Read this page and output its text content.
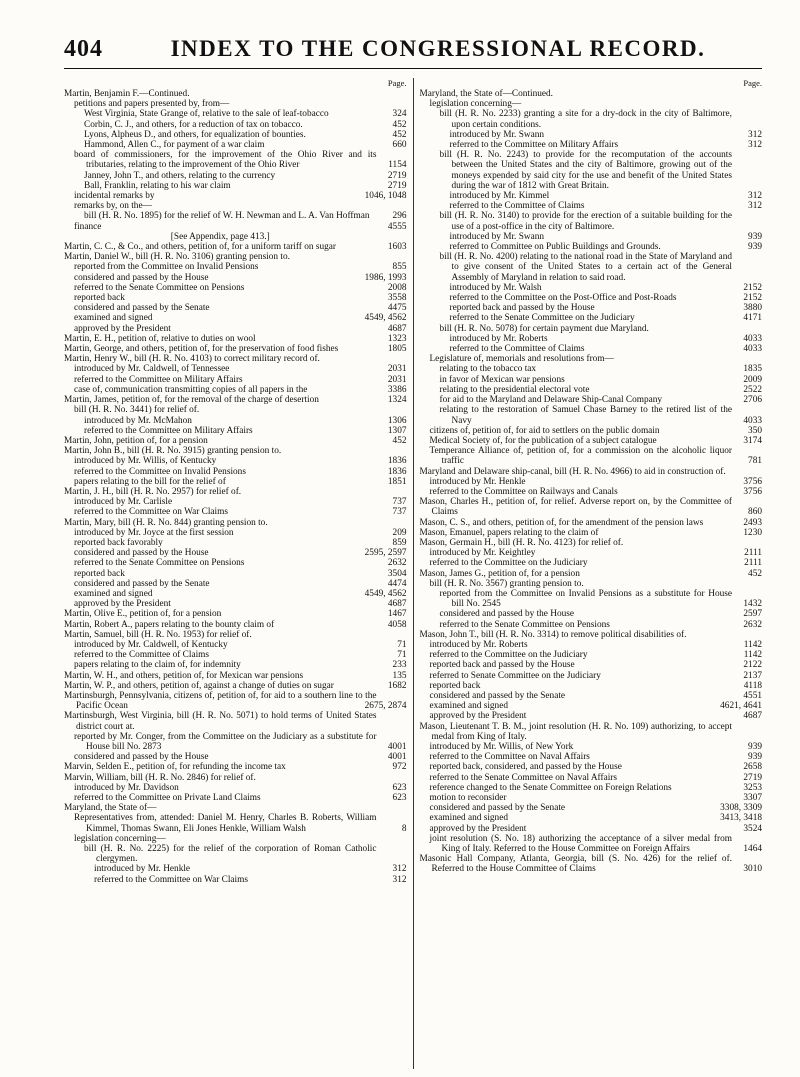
404	INDEX TO THE CONGRESSIONAL RECORD.
Page.
Martin, Benjamin F.—Continued.
petitions and papers presented by, from—
West Virginia, State Grange of, relative to the sale of leaf-tobacco	324
Corbin, C. J., and others, for a reduction of tax on tobacco.	452
Lyons, Alpheus D., and others, for equalization of bounties.	452
Hammond, Allen C., for payment of a war claim	660
board of commissioners, for the improvement of the Ohio River and its tributaries, relating to the improvement of the Ohio River	1154
Janney, John T., and others, relating to the currency	2719
Ball, Franklin, relating to his war claim	2719
incidental remarks by	1046, 1048
remarks by, on the—
bill (H. R. No. 1895) for the relief of W. H. Newman and L. A. Van Hoffman 296
finance	4555
[See Appendix, page 413.]
Martin, C. C., & Co., and others, petition of, for a uniform tariff on sugar	1603
Martin, Daniel W., bill (H. R. No. 3106) granting pension to.
reported from the Committee on Invalid Pensions	855
considered and passed by the House	1986, 1993
referred to the Senate Committee on Pensions	2008
reported back	3558
considered and passed by the Senate	4475
examined and signed	4549, 4562
approved by the President	4687
Martin, E. H., petition of, relative to duties on wool	1323
Martin, George, and others, petition of, for the preservation of food fishes	1805
Martin, Henry W., bill (H. R. No. 4103) to correct military record of.
introduced by Mr. Caldwell, of Tennessee	2031
referred to the Committee on Military Affairs	2031
case of, communication transmitting copies of all papers in the	3386
Martin, James, petition of, for the removal of the charge of desertion	1324
bill (H. R. No. 3441) for relief of.
introduced by Mr. McMahon	1306
referred to the Committee on Military Affairs	1307
Martin, John, petition of, for a pension	452
Martin, John B., bill (H. R. No. 3915) granting pension to.
introduced by Mr. Willis, of Kentucky	1836
referred to the Committee on Invalid Pensions	1836
papers relating to the bill for the relief of	1851
Martin, J. H., bill (H. R. No. 2957) for relief of.
introduced by Mr. Carlisle	737
referred to the Committee on War Claims	737
Martin, Mary, bill (H. R. No. 844) granting pension to.
introduced by Mr. Joyce at the first session	209
reported back favorably	859
considered and passed by the House	2595, 2597
referred to the Senate Committee on Pensions	2632
reported back	3504
considered and passed by the Senate	4474
examined and signed	4549, 4562
approved by the President	4687
Martin, Olive E., petition of, for a pension	1467
Martin, Robert A., papers relating to the bounty claim of	4058
Martin, Samuel, bill (H. R. No. 1953) for relief of.
introduced by Mr. Caldwell, of Kentucky	71
referred to the Committee of Claims	71
papers relating to the claim of, for indemnity	233
Martin, W. H., and others, petition of, for Mexican war pensions	135
Martin, W. P., and others, petition of, against a change of duties on sugar	1682
Martinsburgh, Pennsylvania, citizens of, petition of, for aid to a southern line to the Pacific Ocean	2675, 2874
Martinsburgh, West Virginia, bill (H. R. No. 5071) to hold terms of United States district court at.
reported by Mr. Conger, from the Committee on the Judiciary as a substitute for House bill No. 2873	4001
considered and passed by the House	4001
Marvin, Selden E., petition of, for refunding the income tax	972
Marvin, William, bill (H. R. No. 2846) for relief of.
introduced by Mr. Davidson	623
referred to the Committee on Private Land Claims	623
Maryland, the State of—
Representatives from, attended: Daniel M. Henry, Charles B. Roberts, William Kimmel, Thomas Swann, Eli Jones Henkle, William Walsh	8
legislation concerning—
bill (H. R. No. 2225) for the relief of the corporation of Roman Catholic clergymen.
introduced by Mr. Henkle	312
referred to the Committee on War Claims	312
Page.
Maryland, the State of—Continued.
legislation concerning—
bill (H. R. No. 2233) granting a site for a dry-dock in the city of Baltimore, upon certain conditions.
introduced by Mr. Swann	312
referred to the Committee on Military Affairs	312
bill (H. R. No. 2243) to provide for the recomputation of the accounts between the United States and the city of Baltimore, growing out of the moneys expended by said city for the use and benefit of the United States during the war of 1812 with Great Britain.
introduced by Mr. Kimmel	312
referred to the Committee of Claims	312
bill (H. R. No. 3140) to provide for the erection of a suitable building for the use of a post-office in the city of Baltimore.
introduced by Mr. Swann	939
referred to Committee on Public Buildings and Grounds.	939
bill (H. R. No. 4200) relating to the national road in the State of Maryland and to give consent of the United States to a certain act of the General Assembly of Maryland in relation to said road.
introduced by Mr. Walsh	2152
referred to the Committee on the Post-Office and Post-Roads	2152
reported back and passed by the House	3880
referred to the Senate Committee on the Judiciary	4171
bill (H. R. No. 5078) for certain payment due Maryland.
introduced by Mr. Roberts	4033
referred to the Committee of Claims	4033
Legislature of, memorials and resolutions from—
relating to the tobacco tax	1835
in favor of Mexican war pensions	2009
relating to the presidential electoral vote	2522
for aid to the Maryland and Delaware Ship-Canal Company	2706
relating to the restoration of Samuel Chase Barney to the retired list of the Navy	4033
citizens of, petition of, for aid to settlers on the public domain	350
Medical Society of, for the publication of a subject catalogue	3174
Temperance Alliance of, petition of, for a commission on the alcoholic liquor traffic	781
Maryland and Delaware ship-canal, bill (H. R. No. 4966) to aid in construction of.
introduced by Mr. Henkle	3756
referred to the Committee on Railways and Canals	3756
Mason, Charles H., petition of, for relief. Adverse report on, by the Committee of Claims	860
Mason, C. S., and others, petition of, for the amendment of the pension laws	2493
Mason, Emanuel, papers relating to the claim of	1230
Mason, Germain H., bill (H. R. No. 4123) for relief of.
introduced by Mr. Keightley	2111
referred to the Committee on the Judiciary	2111
Mason, James G., petition of, for a pension	452
bill (H. R. No. 3567) granting pension to.
reported from the Committee on Invalid Pensions as a substitute for House bill No. 2545	1432
considered and passed by the House	2597
referred to the Senate Committee on Pensions	2632
Mason, John T., bill (H. R. No. 3314) to remove political disabilities of.
introduced by Mr. Roberts	1142
referred to the Committee on the Judiciary	1142
reported back and passed by the House	2122
referred to Senate Committee on the Judiciary	2137
reported back	4118
considered and passed by the Senate	4551
examined and signed	4621, 4641
approved by the President	4687
Mason, Lieutenant T. B. M., joint resolution (H. R. No. 109) authorizing, to accept medal from King of Italy.
introduced by Mr. Willis, of New York	939
referred to the Committee on Naval Affairs	939
reported back, considered, and passed by the House	2658
referred to the Senate Committee on Naval Affairs	2719
reference changed to the Senate Committee on Foreign Relations	3253
motion to reconsider	3307
considered and passed by the Senate	3308, 3309
examined and signed	3413, 3418
approved by the President	3524
joint resolution (S. No. 18) authorizing the acceptance of a silver medal from King of Italy. Referred to the House Committee on Foreign Affairs	1464
Masonic Hall Company, Atlanta, Georgia, bill (S. No. 426) for the relief of. Referred to the House Committee of Claims	3010
